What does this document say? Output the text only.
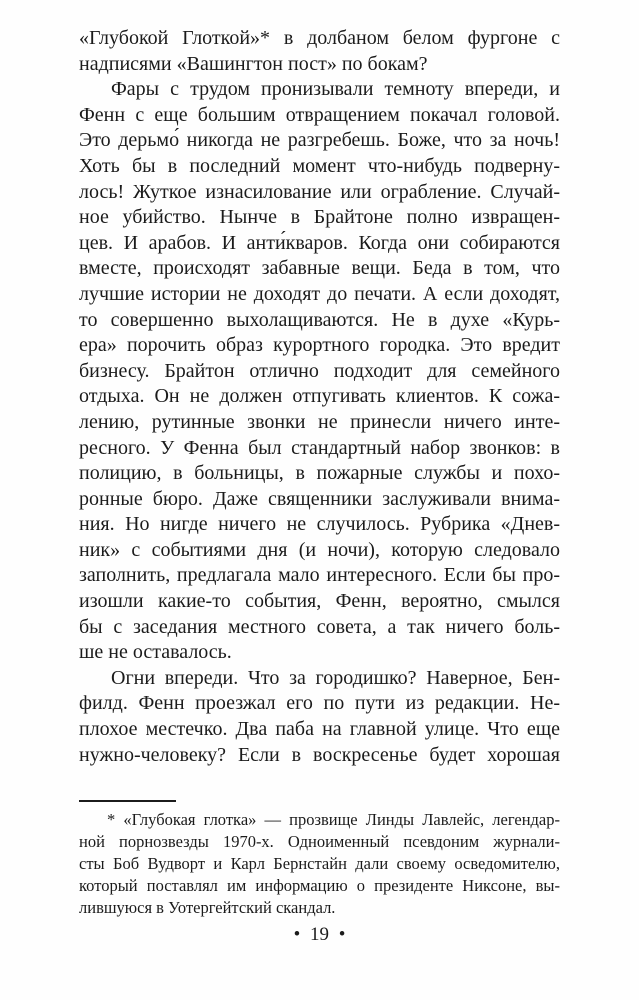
«Глубокой Глоткой»* в долбаном белом фургоне с
надписями «Вашингтон пост» по бокам?
Фары с трудом пронизывали темноту впереди, и
Фенн с еще большим отвращением покачал головой.
Это дерьмо́ никогда не разгребешь. Боже, что за ночь!
Хоть бы в последний момент что-нибудь подверну-
лось! Жуткое изнасилование или ограбление. Случай-
ное убийство. Нынче в Брайтоне полно извращен-
цев. И арабов. И анти́кваров. Когда они собираются
вместе, происходят забавные вещи. Беда в том, что
лучшие истории не доходят до печати. А если доходят,
то совершенно выхолащиваются. Не в духе «Курь-
ера» порочить образ курортного городка. Это вредит
бизнесу. Брайтон отлично подходит для семейного
отдыха. Он не должен отпугивать клиентов. К сожа-
лению, рутинные звонки не принесли ничего инте-
ресного. У Фенна был стандартный набор звонков: в
полицию, в больницы, в пожарные службы и похо-
ронные бюро. Даже священники заслуживали внима-
ния. Но нигде ничего не случилось. Рубрика «Днев-
ник» с событиями дня (и ночи), которую следовало
заполнить, предлагала мало интересного. Если бы про-
изошли какие-то события, Фенн, вероятно, смылся
бы с заседания местного совета, а так ничего боль-
ше не оставалось.
Огни впереди. Что за городишко? Наверное, Бен-
филд. Фенн проезжал его по пути из редакции. Не-
плохое местечко. Два паба на главной улице. Что еще
нужно-человеку? Если в воскресенье будет хорошая
* «Глубокая глотка» — прозвище Линды Лавлейс, легендар-
ной порнозвезды 1970-х. Одноименный псевдоним журнали-
сты Боб Вудворт и Карл Бернстайн дали своему осведомителю,
который поставлял им информацию о президенте Никсоне, вы-
лившуюся в Уотергейтский скандал.
• 19 •
